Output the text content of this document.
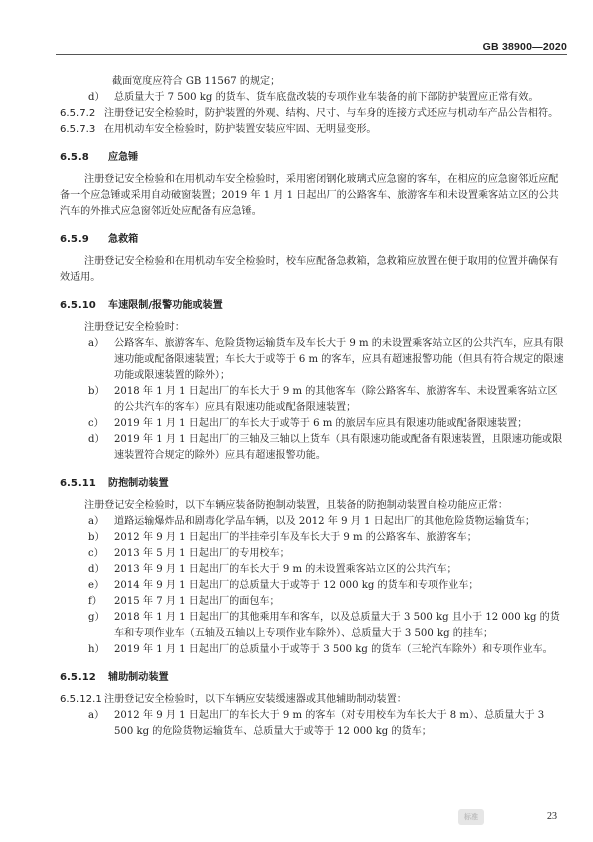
GB 38900—2020

截面宽度应符合 GB 11567 的规定；

d） 总质量大于 7 500 kg 的货车、货车底盘改装的专项作业车装备的前下部防护装置应正常有效。

6.5.7.2 注册登记安全检验时，防护装置的外观、结构、尺寸、与车身的连接方式还应与机动车产品公告相符。

6.5.7.3 在用机动车安全检验时，防护装置安装应牢固、无明显变形。

6.5.8 应急锤

注册登记安全检验和在用机动车安全检验时，采用密闭钢化玻璃式应急窗的客车，在相应的应急窗邻近应配备一个应急锤或采用自动破窗装置；2019 年 1 月 1 日起出厂的公路客车、旅游客车和未设置乘客站立区的公共汽车的外推式应急窗邻近处应配备有应急锤。

6.5.9 急救箱

注册登记安全检验和在用机动车安全检验时，校车应配备急救箱，急救箱应放置在便于取用的位置并确保有效适用。

6.5.10 车速限制/报警功能或装置

注册登记安全检验时：

a） 公路客车、旅游客车、危险货物运输货车及车长大于 9 m 的未设置乘客站立区的公共汽车，应具有限速功能或配备限速装置；车长大于或等于 6 m 的客车，应具有超速报警功能（但具有符合规定的限速功能或限速装置的除外）；
b） 2018 年 1 月 1 日起出厂的车长大于 9 m 的其他客车（除公路客车、旅游客车、未设置乘客站立区的公共汽车的客车）应具有限速功能或配备限速装置；
c）	2019 年 1 月 1 日起出厂的车长大于或等于 6 m 的旅居车应具有限速功能或配备限速装置；
d） 2019 年 1 月 1 日起出厂的三轴及三轴以上货车（具有限速功能或配备有限速装置，且限速功能或限速装置符合规定的除外）应具有超速报警功能。
6.5.11 防抱制动装置

注册登记安全检验时，以下车辆应装备防抱制动装置，且装备的防抱制动装置自检功能应正常：

a） 道路运输爆炸品和剧毒化学品车辆，以及 2012 年 9 月 1 日起出厂的其他危险货物运输货车；
b） 2012 年 9 月 1 日起出厂的半挂牵引车及车长大于 9 m 的公路客车、旅游客车；
c）	2013 年 5 月 1 日起出厂的专用校车；
d） 2013 年 9 月 1 日起出厂的车长大于 9 m 的未设置乘客站立区的公共汽车；
e） 2014 年 9 月 1 日起出厂的总质量大于或等于 12 000 kg 的货车和专项作业车；
f）	2015 年 7 月 1 日起出厂的面包车；
g） 2018 年 1 月 1 日起出厂的其他乘用车和客车，以及总质量大于 3 500 kg 且小于 12 000 kg 的货车和专项作业车（五轴及五轴以上专项作业车除外）、总质量大于 3 500 kg 的挂车；
h） 2019 年 1 月 1 日起出厂的总质量小于或等于 3 500 kg 的货车（三轮汽车除外）和专项作业车。
6.5.12 辅助制动装置

6.5.12.1 注册登记安全检验时，以下车辆应安装缓速器或其他辅助制动装置：

a） 2012 年 9 月 1 日起出厂的车长大于 9 m 的客车（对专用校车为车长大于 8 m）、总质量大于 3 500 kg 的危险货物运输货车、总质量大于或等于 12 000 kg 的货车；
标准	23
